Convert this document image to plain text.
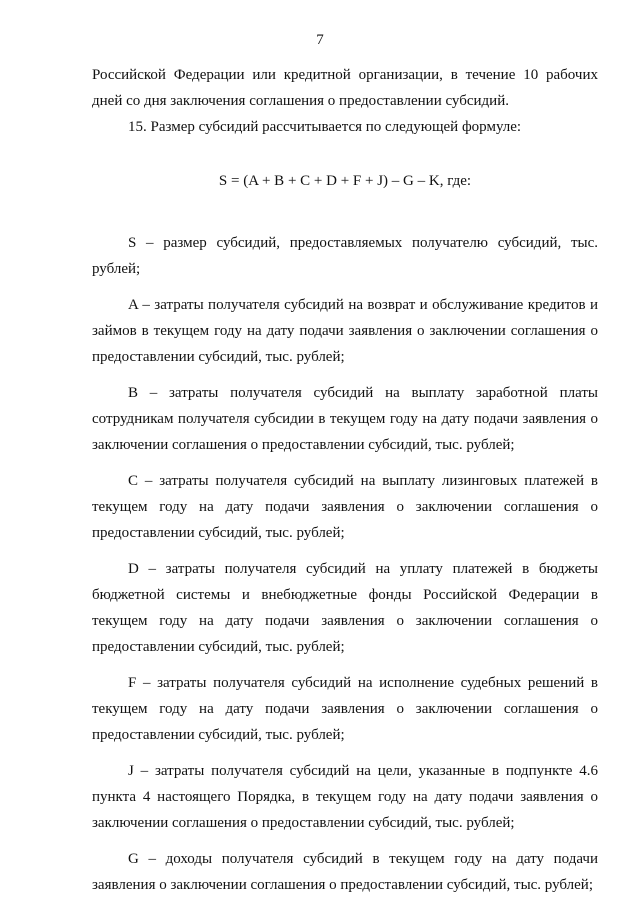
7

Российской Федерации или кредитной организации, в течение 10 рабочих дней со дня заключения соглашения о предоставлении субсидий.

15. Размер субсидий рассчитывается по следующей формуле:

S = (A + B + C + D + F + J) – G – K, где:

S – размер субсидий, предоставляемых получателю субсидий, тыс. рублей;

A – затраты получателя субсидий на возврат и обслуживание кредитов и займов в текущем году на дату подачи заявления о заключении соглашения о предоставлении субсидий, тыс. рублей;

B – затраты получателя субсидий на выплату заработной платы сотрудникам получателя субсидии в текущем году на дату подачи заявления о заключении соглашения о предоставлении субсидий, тыс. рублей;

C – затраты получателя субсидий на выплату лизинговых платежей в текущем году на дату подачи заявления о заключении соглашения о предоставлении субсидий, тыс. рублей;

D – затраты получателя субсидий на уплату платежей в бюджеты бюджетной системы и внебюджетные фонды Российской Федерации в текущем году на дату подачи заявления о заключении соглашения о предоставлении субсидий, тыс. рублей;

F – затраты получателя субсидий на исполнение судебных решений в текущем году на дату подачи заявления о заключении соглашения о предоставлении субсидий, тыс. рублей;

J – затраты получателя субсидий на цели, указанные в подпункте 4.6 пункта 4 настоящего Порядка, в текущем году на дату подачи заявления о заключении соглашения о предоставлении субсидий, тыс. рублей;

G – доходы получателя субсидий в текущем году на дату подачи заявления о заключении соглашения о предоставлении субсидий, тыс. рублей;
